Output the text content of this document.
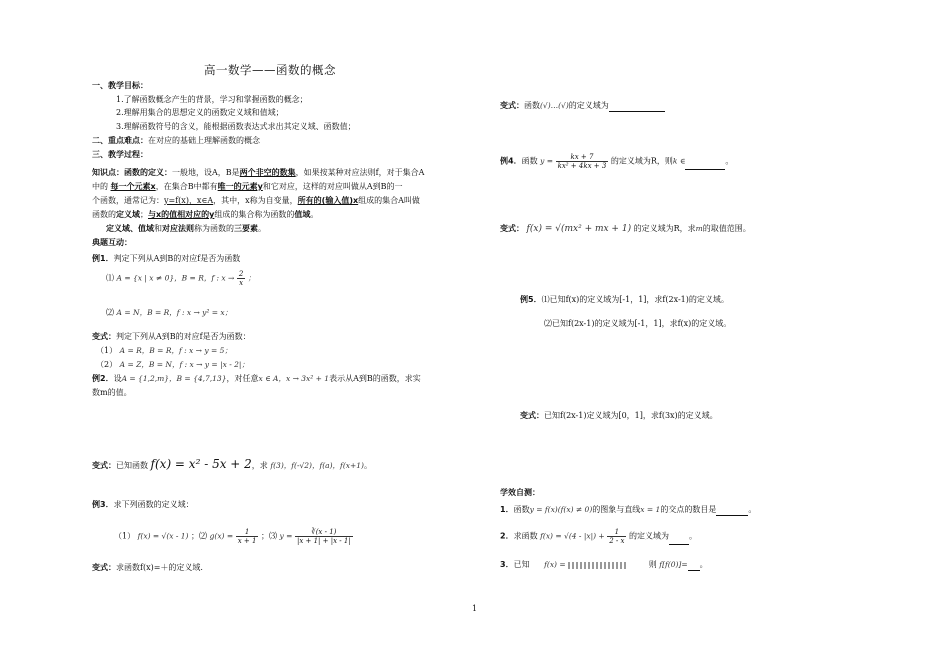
高一数学——函数的概念
一、教学目标：
1.了解函数概念产生的背景，学习和掌握函数的概念；
2.理解用集合的思想定义的函数定义域和值域；
3.理解函数符号的含义，能根据函数表达式求出其定义域、函数值；
二、重点难点：在对应的基础上理解函数的概念
三、教学过程：
知识点：函数的定义：一般地，设A，B是两个非空的数集，如果按某种对应法则f，对于集合A
中的 每一个元素x，在集合B中都有唯一的元素y和它对应，这样的对应叫做从A到B的一
个函数，通常记为：y=f(x)，x∈A，其中，x称为自变量，所有的(输入值)x组成的集合A叫做
函数的定义域；与x的值相对应的y组成的集合称为函数的值域。
定义域、值域和对应法则称为函数的三要素。
典题互动：
例1．判定下列从A到B的对应f是否为函数
⑴ A = {x | x ≠ 0}，B = R，f : $x \to \frac{2}{x}$ ；
⑵ A = N，B = R，f : x → y² = x；
变式：判定下列从A到B的对应f是否为函数：
（1） A = R，B = R，f : x → y = 5；
（2） A = Z，B = N，f : x → y = |x - 2|；
例2．设A = {1,2,m}，B = {4,7,13}，对任意x ∈ A，x → 3x² + 1表示从A到B的函数，求实
数m的值。
变式：已知函数 f(x) = x² - 5x + 2，求 f(3)，f(-√2)，f(a)，f(x+1)。
例3．求下列函数的定义域：
（1） f(x) = √(x - 1) ；⑵ $g(x) = \frac{1}{x + 1}$ ；⑶ $y = \frac{∛(x - 1)}{|x + 1| + |x - 1|}$
变式：求函数f(x)=＋的定义域.
变式：函数(√)…(√)的定义域为
例4．函数 $y = \frac{kx + 7}{\text{kx² + 4kx + 3}}$ 的定义域为R，则k ∈	。
变式： f(x) = √(mx² + mx + 1) 的定义域为R，求m的取值范围。
例5．⑴已知f(x)的定义域为[-1，1]，求f(2x-1)的定义域。
⑵已知f(2x-1)的定义域为[-1，1]，求f(x)的定义域。
变式：已知f(2x-1)定义域为[0，1]，求f(3x)的定义域。
学效自测：
1．函数y = f(x)(f(x) ≠ 0)的图象与直线x = 1的交点的数目是	。
2．求函数 $f(x) = √(4 - |x|) + \frac{1}{2 - x}$ 的定义域为	。
3．已知 f(x) =	则 f[f(0)]= 。
1
